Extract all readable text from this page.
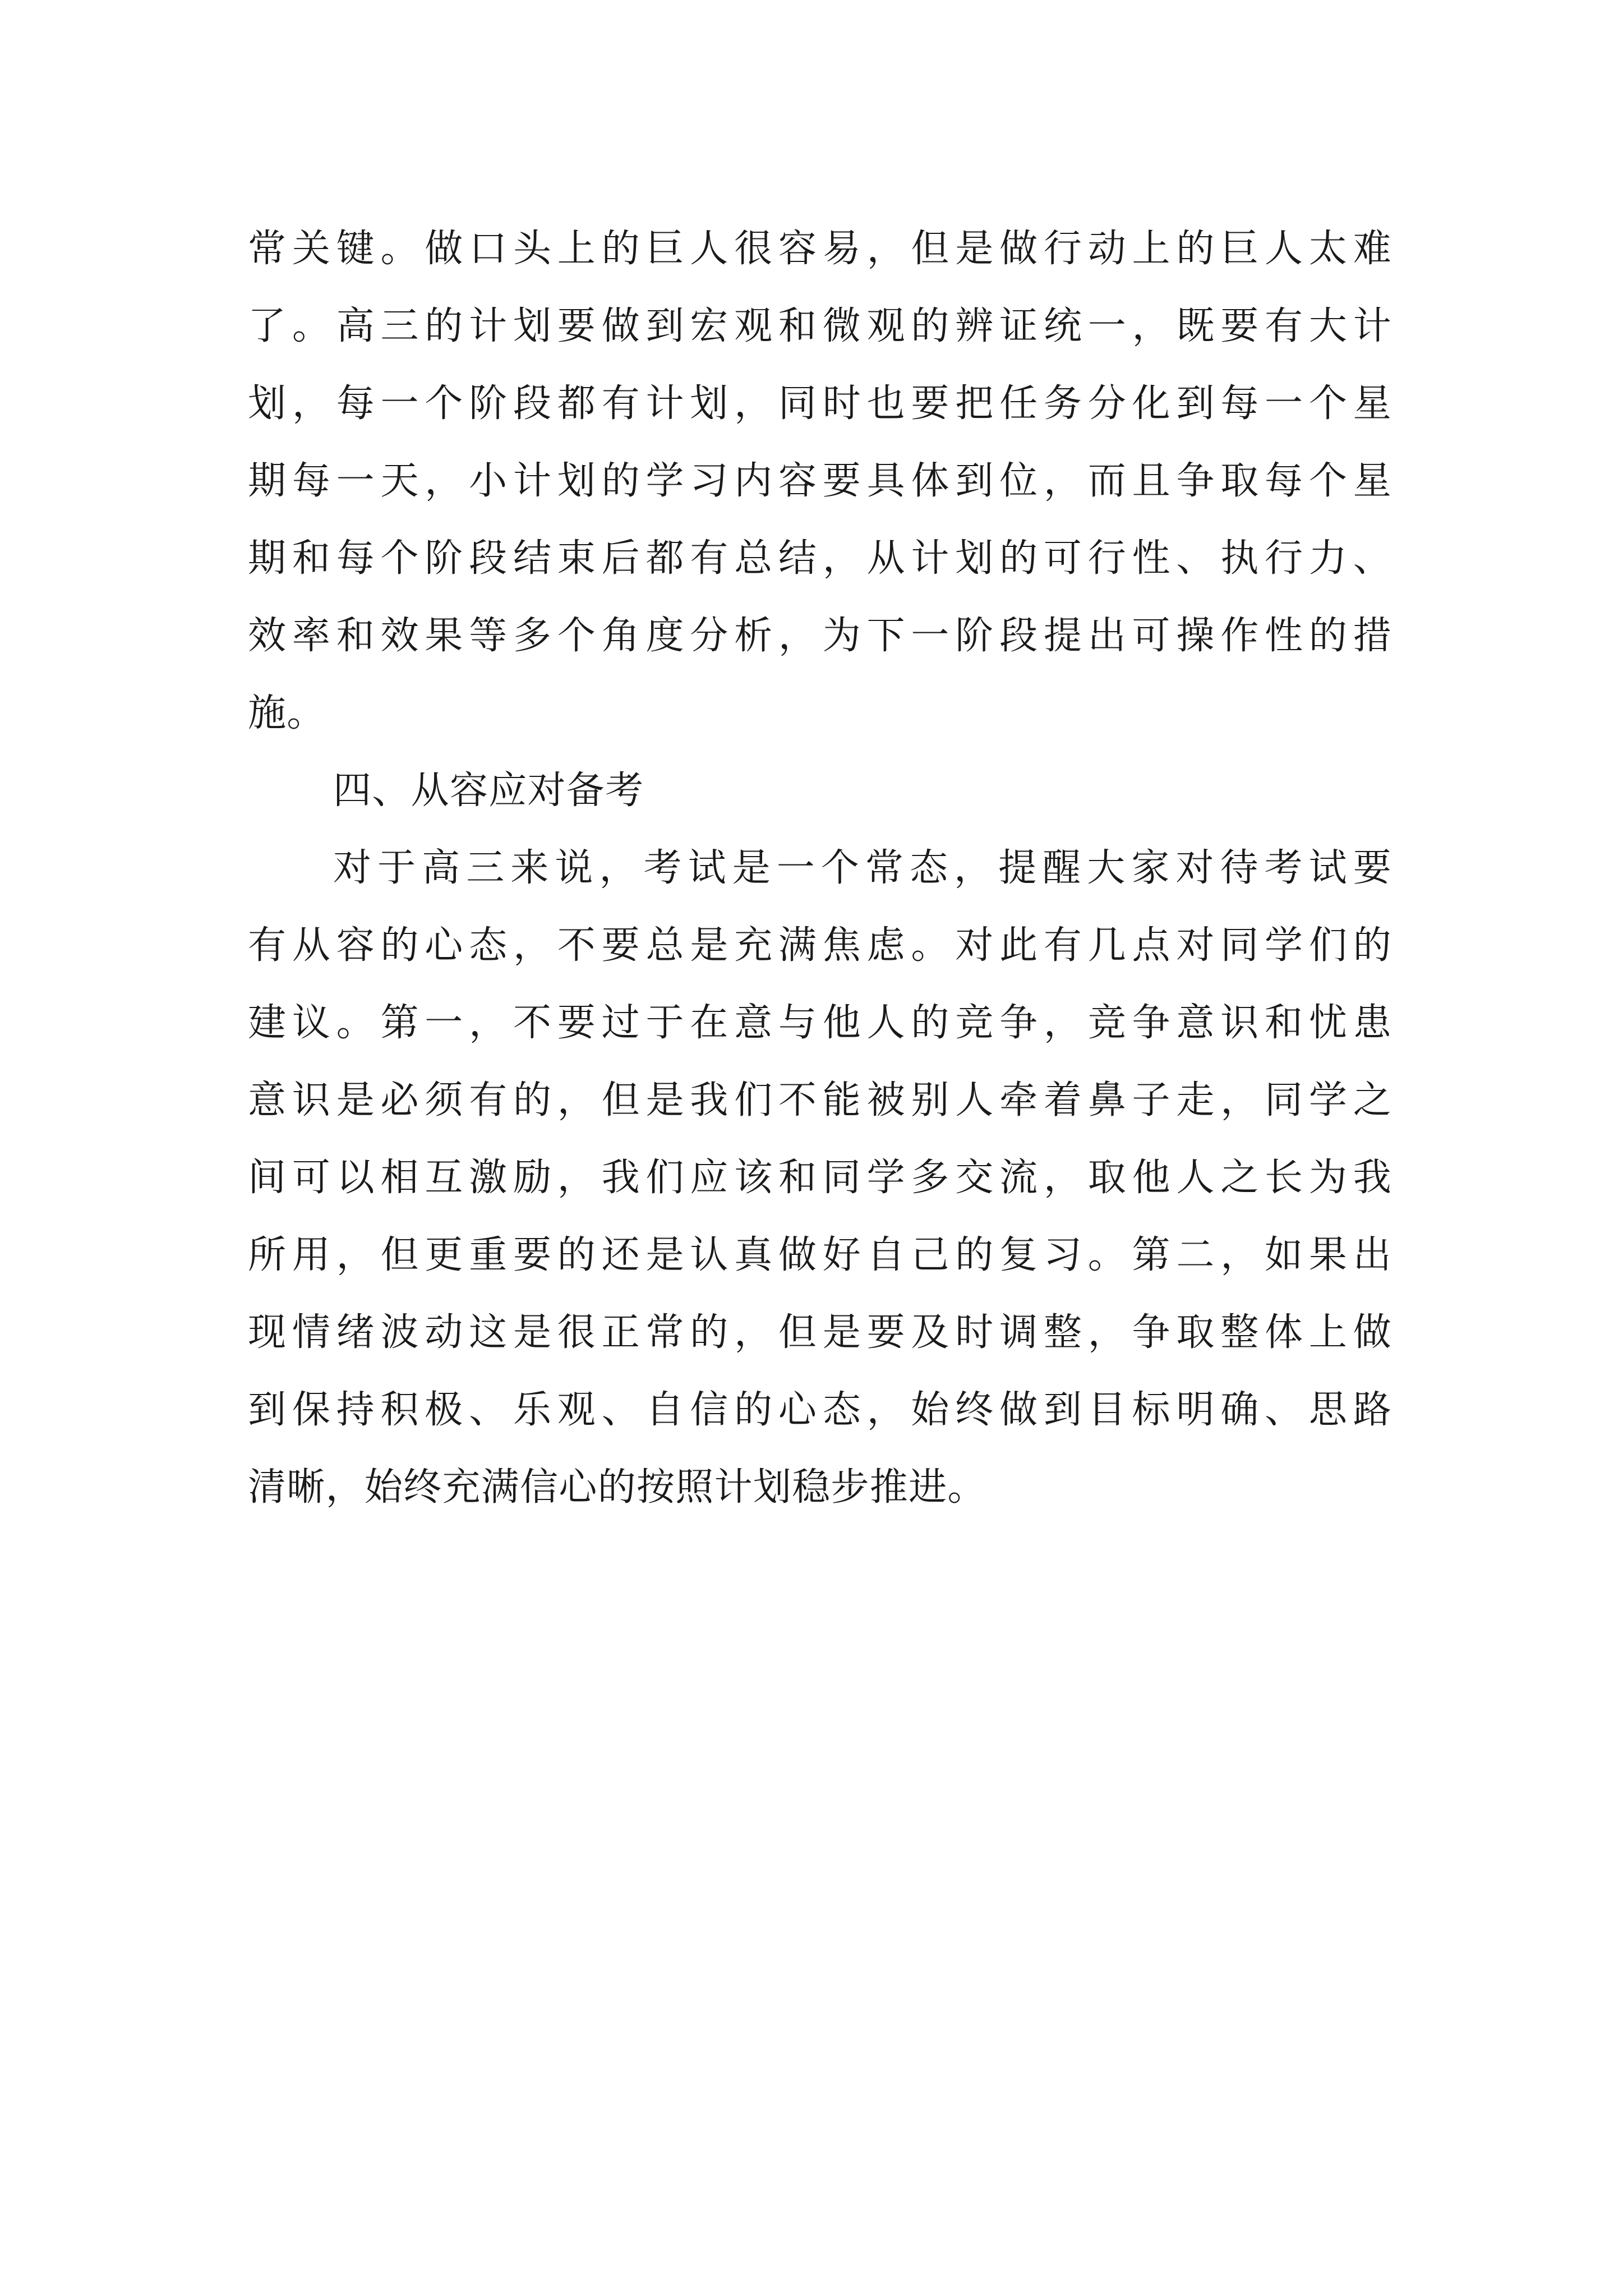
常关键。做口头上的巨人很容易，但是做行动上的巨人太难
了。高三的计划要做到宏观和微观的辨证统一，既要有大计
划，每一个阶段都有计划，同时也要把任务分化到每一个星
期每一天，小计划的学习内容要具体到位，而且争取每个星
期和每个阶段结束后都有总结，从计划的可行性、执行力、
效率和效果等多个角度分析，为下一阶段提出可操作性的措
施。
四、从容应对备考
对于高三来说，考试是一个常态，提醒大家对待考试要
有从容的心态，不要总是充满焦虑。对此有几点对同学们的
建议。第一，不要过于在意与他人的竞争，竞争意识和忧患
意识是必须有的，但是我们不能被别人牵着鼻子走，同学之
间可以相互激励，我们应该和同学多交流，取他人之长为我
所用，但更重要的还是认真做好自己的复习。第二，如果出
现情绪波动这是很正常的，但是要及时调整，争取整体上做
到保持积极、乐观、自信的心态，始终做到目标明确、思路
清晰，始终充满信心的按照计划稳步推进。
